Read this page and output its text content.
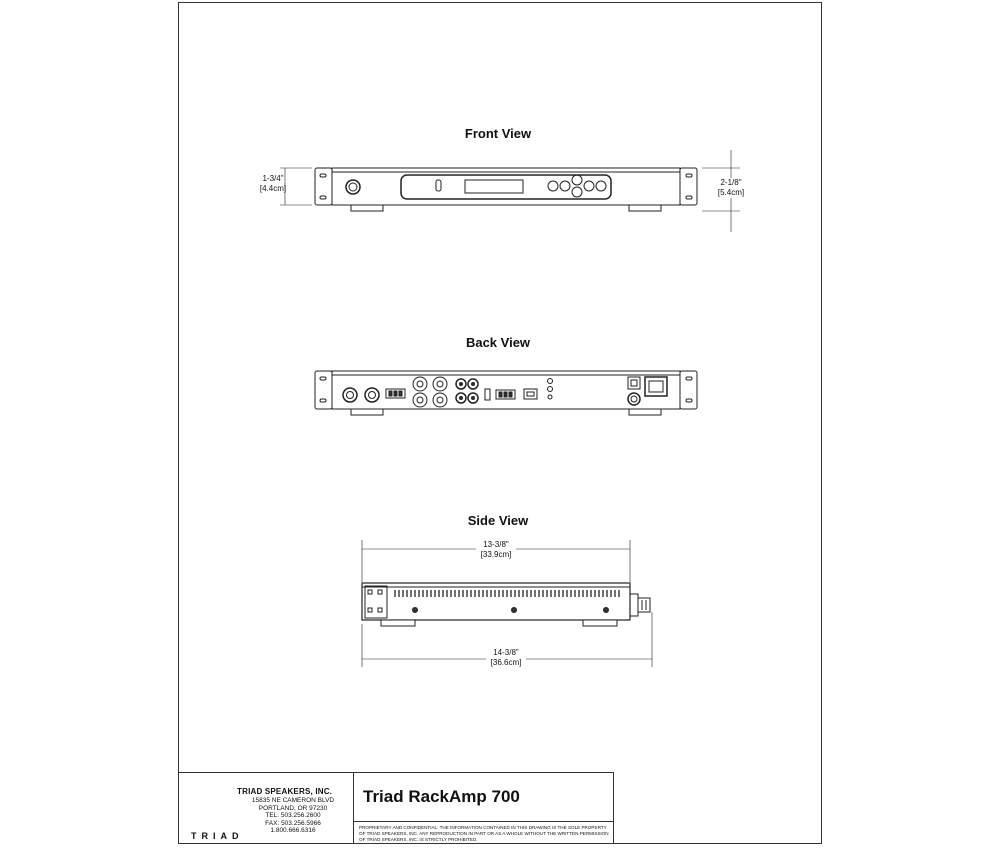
Front View
Back View
Side View
1-3/4"
[4.4cm]
2-1/8"
[5.4cm]
13-3/8"
[33.9cm]
14-3/8"
[36.6cm]
TRIAD SPEAKERS, INC.
15835 NE CAMERON BLVD
PORTLAND, OR 97230
TEL: 503.256.2600
FAX: 503.256.5966
1.800.666.6316
TRIAD
Triad RackAmp 700
PROPRIETARY AND CONFIDENTIAL: THE INFORMATION CONTAINED IN THIS DRAWING IS THE SOLE PROPERTY OF TRIAD SPEAKERS, INC. ANY REPRODUCTION IN PART OR AS A WHOLE WITHOUT THE WRITTEN PERMISSION OF TRIAD SPEAKERS, INC. IS STRICTLY PROHIBITED.
